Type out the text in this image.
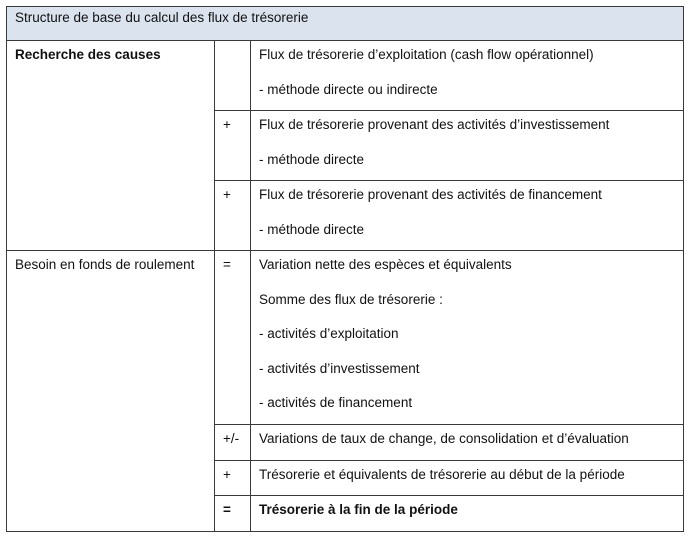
Structure de base du calcul des flux de trésorerie		

Recherche des causes		Flux de trésorerie d’exploitation (cash flow opérationnel)
- méthode directe ou indirecte

	+	Flux de trésorerie provenant des activités d’investissement
- méthode directe

	+	Flux de trésorerie provenant des activités de financement
- méthode directe

Besoin en fonds de roulement	=	Variation nette des espèces et équivalents
Somme des flux de trésorerie :
- activités d’exploitation
- activités d’investissement
- activités de financement

	+/-	Variations de taux de change, de consolidation et d’évaluation

	+	Trésorerie et équivalents de trésorerie au début de la période

	=	Trésorerie à la fin de la période
